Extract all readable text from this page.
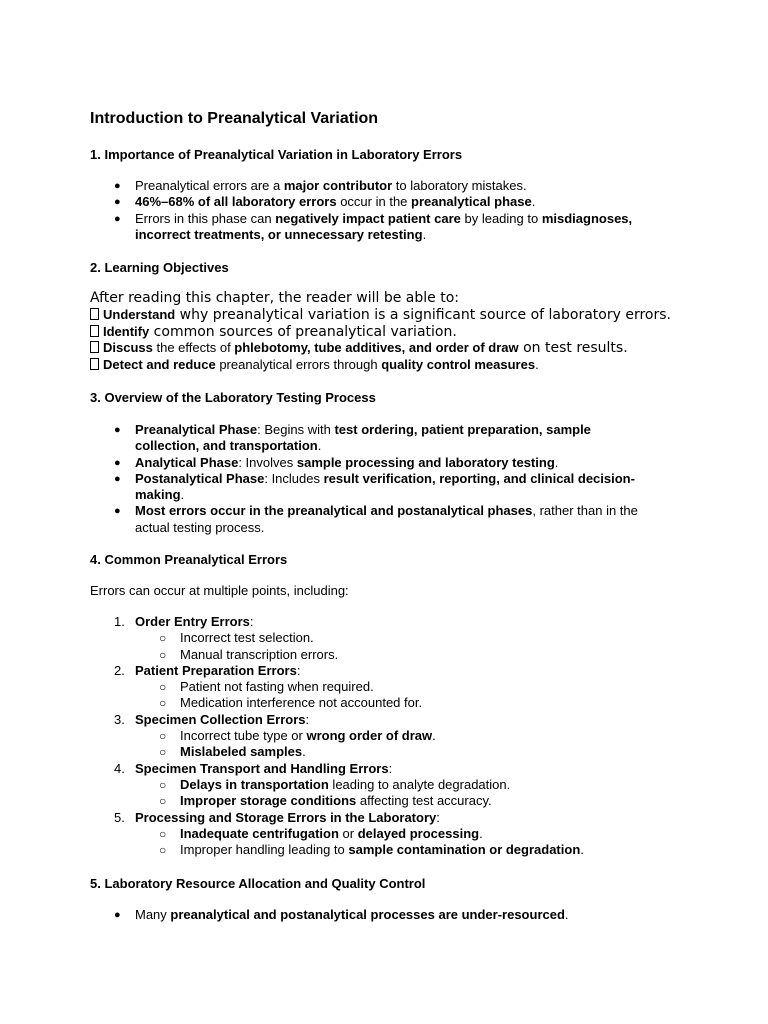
Introduction to Preanalytical Variation
1. Importance of Preanalytical Variation in Laboratory Errors
● Preanalytical errors are a major contributor to laboratory mistakes.
● 46%–68% of all laboratory errors occur in the preanalytical phase.
● Errors in this phase can negatively impact patient care by leading to misdiagnoses,
incorrect treatments, or unnecessary retesting.
2. Learning Objectives
After reading this chapter, the reader will be able to:
Understand why preanalytical variation is a significant source of laboratory errors.
Identify common sources of preanalytical variation.
Discuss the effects of phlebotomy, tube additives, and order of draw on test results.
Detect and reduce preanalytical errors through quality control measures.
3. Overview of the Laboratory Testing Process
● Preanalytical Phase: Begins with test ordering, patient preparation, sample
collection, and transportation.
● Analytical Phase: Involves sample processing and laboratory testing.
● Postanalytical Phase: Includes result verification, reporting, and clinical decision-
making.
● Most errors occur in the preanalytical and postanalytical phases, rather than in the
actual testing process.
4. Common Preanalytical Errors

Errors can occur at multiple points, including:

1. Order Entry Errors:
○ Incorrect test selection.
○ Manual transcription errors.
2. Patient Preparation Errors:
○ Patient not fasting when required.
○ Medication interference not accounted for.
3. Specimen Collection Errors:
○ Incorrect tube type or wrong order of draw.
○ Mislabeled samples.
4. Specimen Transport and Handling Errors:
○ Delays in transportation leading to analyte degradation.
○ Improper storage conditions affecting test accuracy.
5. Processing and Storage Errors in the Laboratory:
○ Inadequate centrifugation or delayed processing.
○ Improper handling leading to sample contamination or degradation.
5. Laboratory Resource Allocation and Quality Control
● Many preanalytical and postanalytical processes are under-resourced.
